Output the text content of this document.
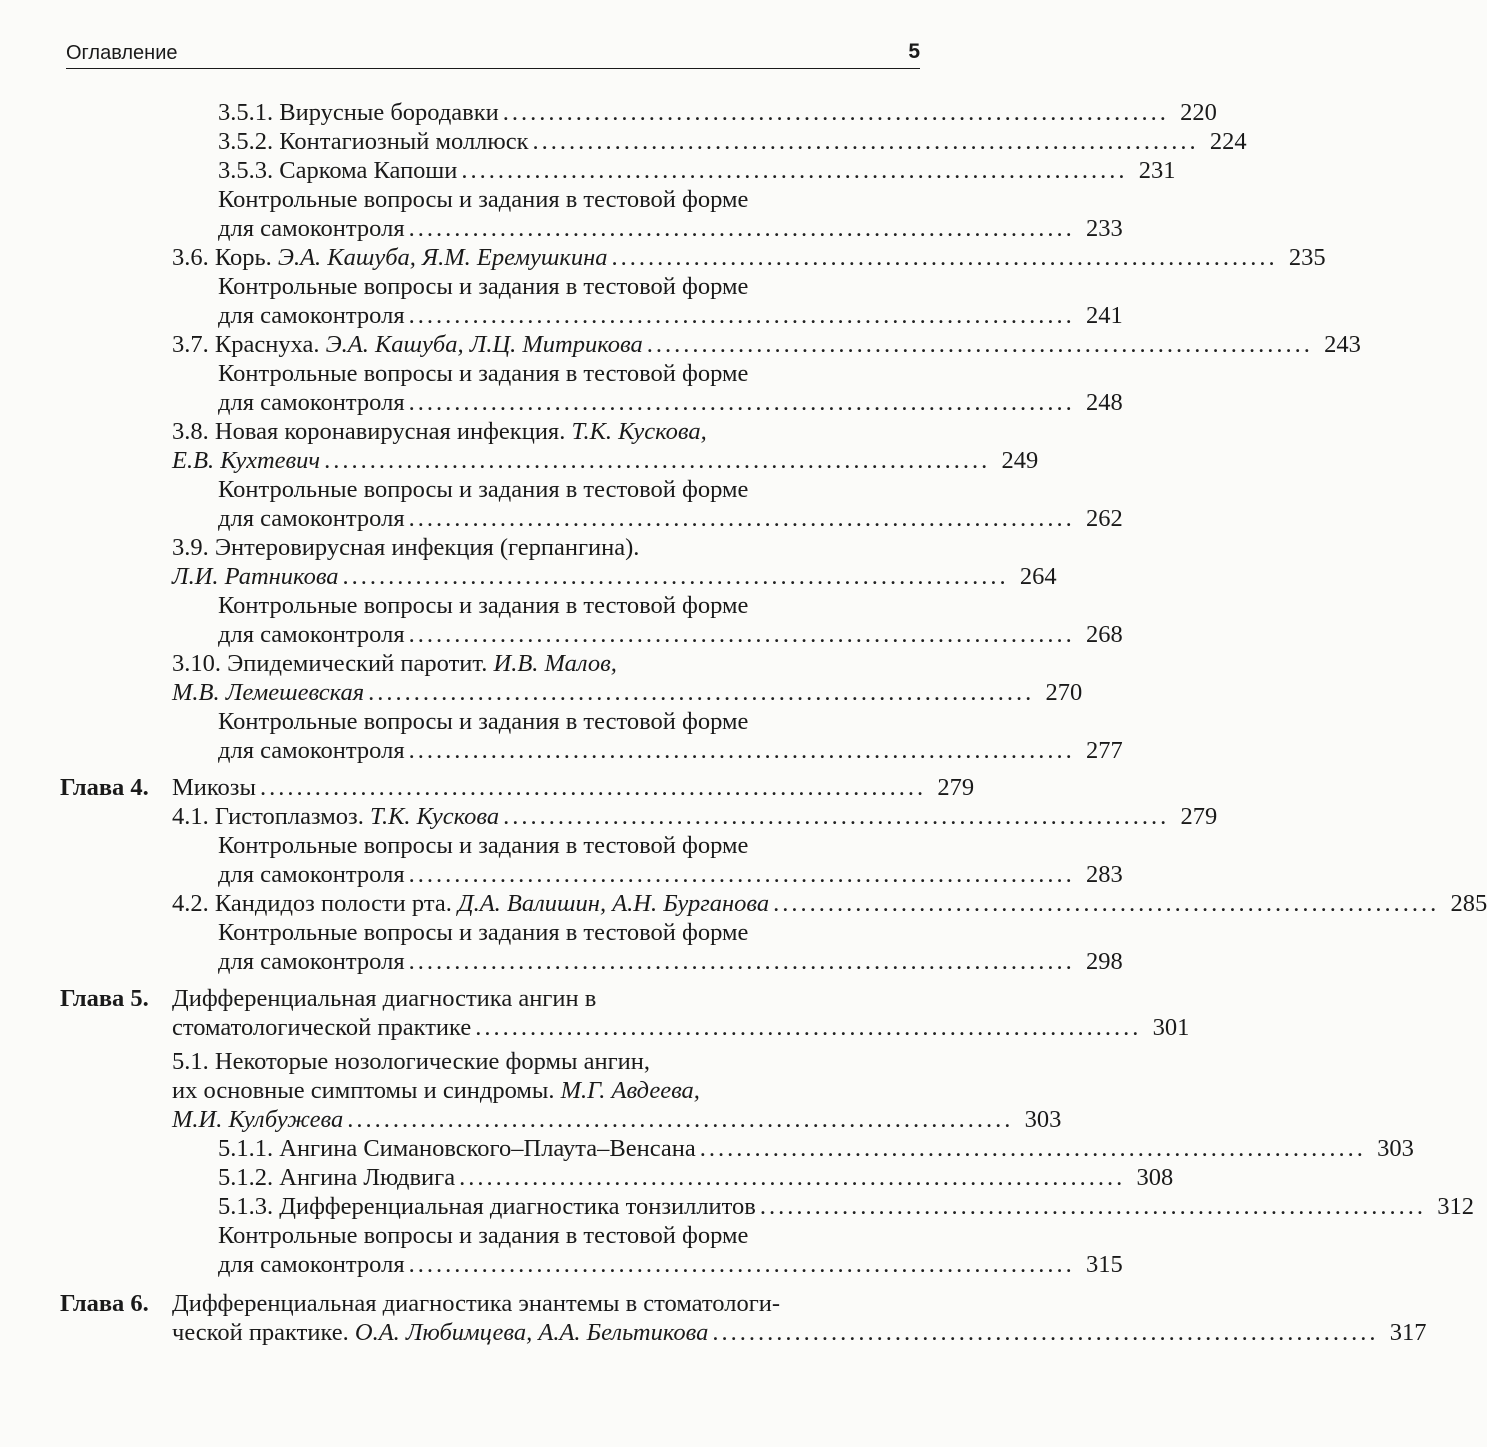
Оглавление	5
3.5.1. Вирусные бородавки ......................................................................... 220
3.5.2. Контагиозный моллюск ......................................................................... 224
3.5.3. Саркома Капоши ......................................................................... 231
Контрольные вопросы и задания в тестовой форме
для самоконтроля ......................................................................... 233
3.6. Корь. Э.А. Кашуба, Я.М. Еремушкина ......................................................................... 235
Контрольные вопросы и задания в тестовой форме
для самоконтроля ......................................................................... 241
3.7. Краснуха. Э.А. Кашуба, Л.Ц. Митрикова ......................................................................... 243
Контрольные вопросы и задания в тестовой форме
для самоконтроля ......................................................................... 248
3.8. Новая коронавирусная инфекция. Т.К. Кускова,
Е.В. Кухтевич ......................................................................... 249
Контрольные вопросы и задания в тестовой форме
для самоконтроля ......................................................................... 262
3.9. Энтеровирусная инфекция (герпангина).
Л.И. Ратникова ......................................................................... 264
Контрольные вопросы и задания в тестовой форме
для самоконтроля ......................................................................... 268
3.10. Эпидемический паротит. И.В. Малов,
М.В. Лемешевская ......................................................................... 270
Контрольные вопросы и задания в тестовой форме
для самоконтроля ......................................................................... 277
Глава 4. Микозы ......................................................................... 279
4.1. Гистоплазмоз. Т.К. Кускова ......................................................................... 279
Контрольные вопросы и задания в тестовой форме
для самоконтроля ......................................................................... 283
4.2. Кандидоз полости рта. Д.А. Валишин, А.Н. Бурганова ......................................................................... 285
Контрольные вопросы и задания в тестовой форме
для самоконтроля ......................................................................... 298
Глава 5. Дифференциальная диагностика ангин в
стоматологической практике ......................................................................... 301
5.1. Некоторые нозологические формы ангин,
их основные симптомы и синдромы. М.Г. Авдеева,
М.И. Кулбужева ......................................................................... 303
5.1.1. Ангина Симановского–Плаута–Венсана ......................................................................... 303
5.1.2. Ангина Людвига ......................................................................... 308
5.1.3. Дифференциальная диагностика тонзиллитов ......................................................................... 312
Контрольные вопросы и задания в тестовой форме
для самоконтроля ......................................................................... 315
Глава 6. Дифференциальная диагностика энантемы в стоматологи-
ческой практике. О.А. Любимцева, А.А. Бельтикова ......................................................................... 317
